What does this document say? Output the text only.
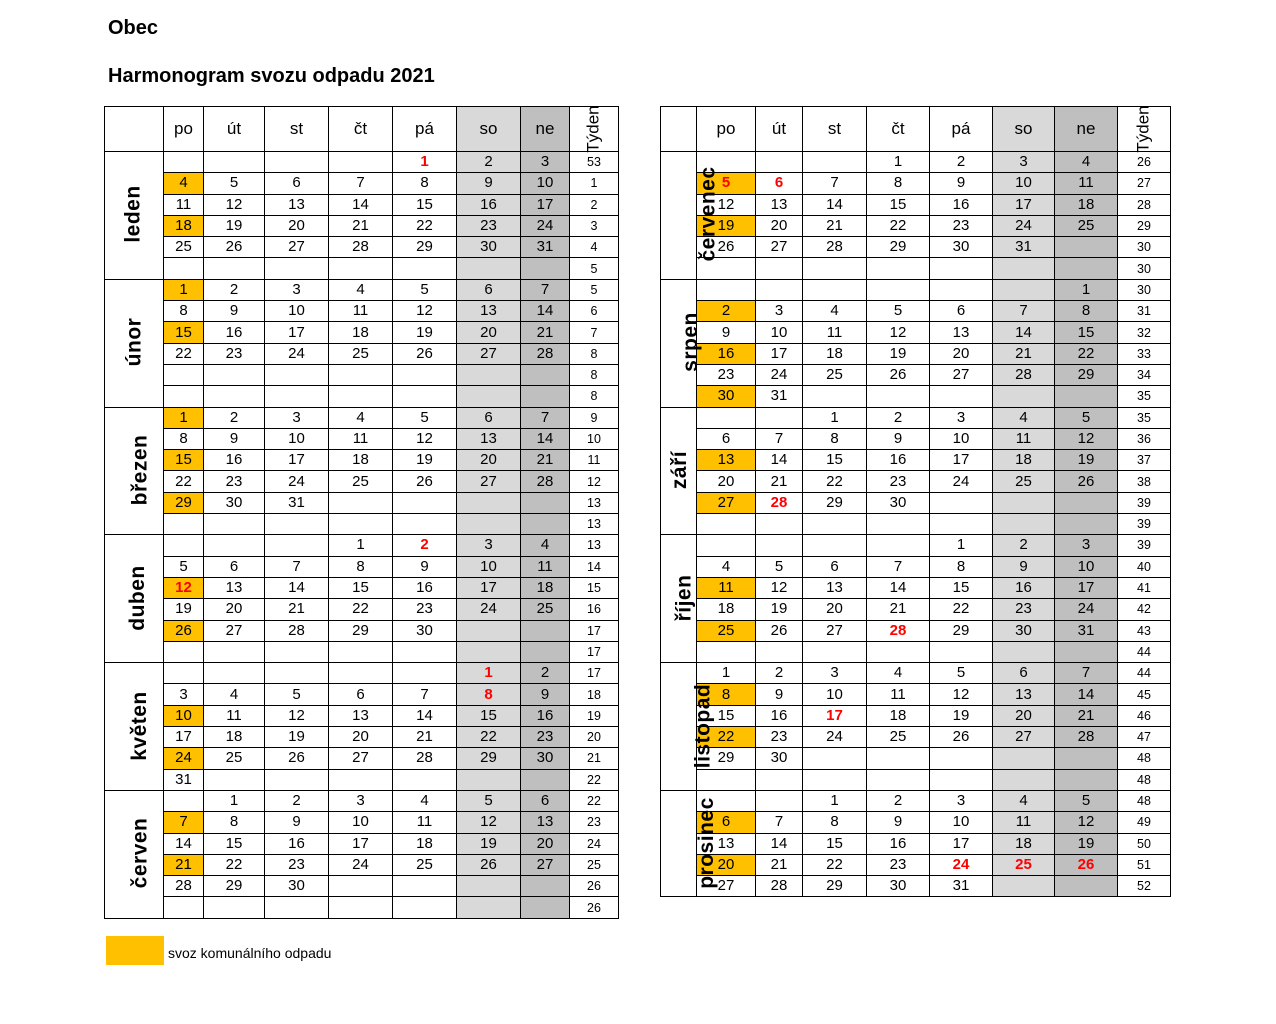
Obec
Harmonogram svozu odpadu 2021
	po	út	st	čt	pá	so	ne	Týden
leden					1	2	3	53
	4	5	6	7	8	9	10	1
	11	12	13	14	15	16	17	2
	18	19	20	21	22	23	24	3
	25	26	27	28	29	30	31	4
								5
únor	1	2	3	4	5	6	7	5
	8	9	10	11	12	13	14	6
	15	16	17	18	19	20	21	7
	22	23	24	25	26	27	28	8
								8
								8
březen	1	2	3	4	5	6	7	9
	8	9	10	11	12	13	14	10
	15	16	17	18	19	20	21	11
	22	23	24	25	26	27	28	12
	29	30	31					13
								13
duben				1	2	3	4	13
	5	6	7	8	9	10	11	14
	12	13	14	15	16	17	18	15
	19	20	21	22	23	24	25	16
	26	27	28	29	30			17
								17
květen						1	2	17
	3	4	5	6	7	8	9	18
	10	11	12	13	14	15	16	19
	17	18	19	20	21	22	23	20
	24	25	26	27	28	29	30	21
	31							22
červen		1	2	3	4	5	6	22
	7	8	9	10	11	12	13	23
	14	15	16	17	18	19	20	24
	21	22	23	24	25	26	27	25
	28	29	30					26
								26
	po	út	st	čt	pá	so	ne	Týden
červenec				1	2	3	4	26
	5	6	7	8	9	10	11	27
	12	13	14	15	16	17	18	28
	19	20	21	22	23	24	25	29
	26	27	28	29	30	31		30
								30
srpen							1	30
	2	3	4	5	6	7	8	31
	9	10	11	12	13	14	15	32
	16	17	18	19	20	21	22	33
	23	24	25	26	27	28	29	34
	30	31						35
září			1	2	3	4	5	35
	6	7	8	9	10	11	12	36
	13	14	15	16	17	18	19	37
	20	21	22	23	24	25	26	38
	27	28	29	30				39
								39
říjen					1	2	3	39
	4	5	6	7	8	9	10	40
	11	12	13	14	15	16	17	41
	18	19	20	21	22	23	24	42
	25	26	27	28	29	30	31	43
								44
listopad	1	2	3	4	5	6	7	44
	8	9	10	11	12	13	14	45
	15	16	17	18	19	20	21	46
	22	23	24	25	26	27	28	47
	29	30						48
								48
prosinec			1	2	3	4	5	48
	6	7	8	9	10	11	12	49
	13	14	15	16	17	18	19	50
	20	21	22	23	24	25	26	51
	27	28	29	30	31			52
svoz komunálního odpadu
